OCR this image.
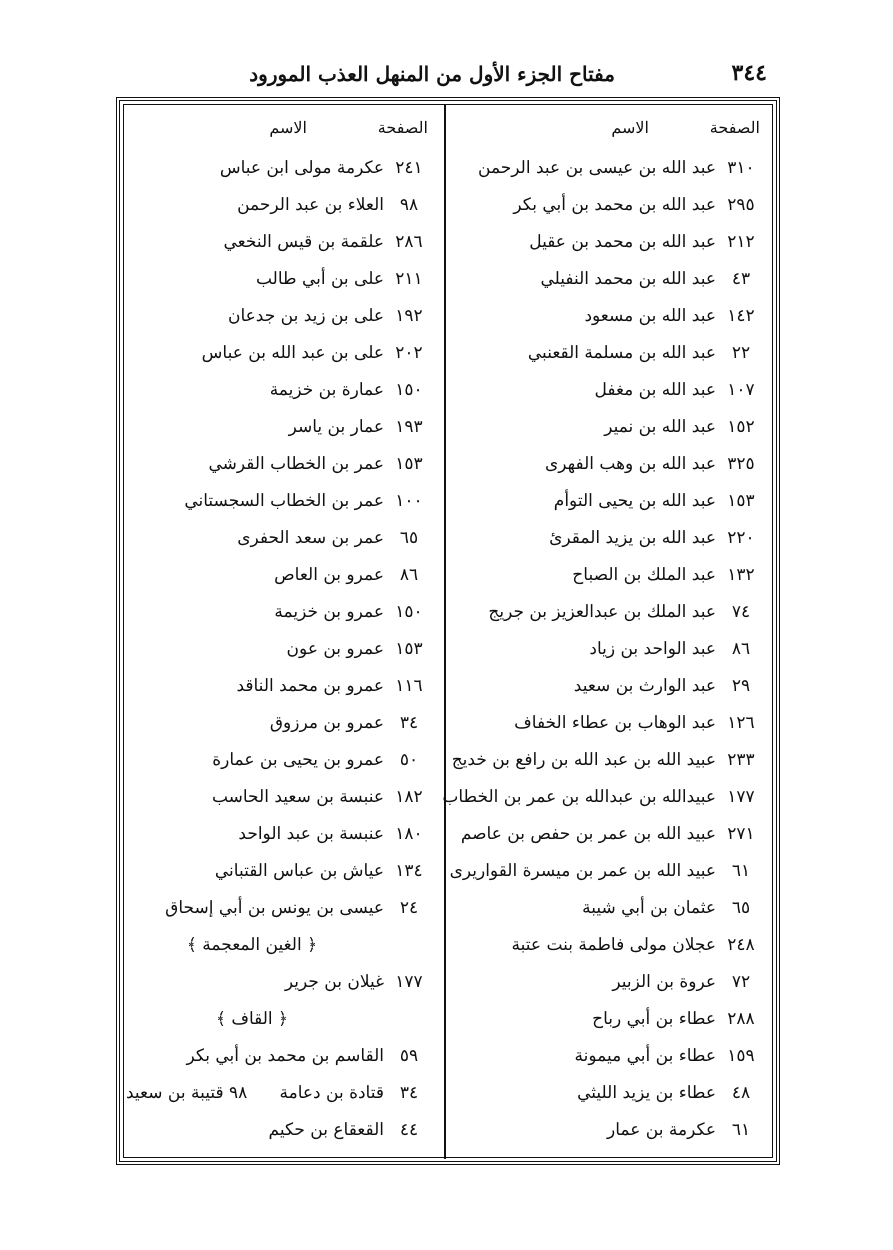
٣٤٤
مفتاح الجزء الأول من المنهل العذب المورود
الصفحة
الاسم
٣١٠
عبد الله بن عيسى بن عبد الرحمن
٢٩٥
عبد الله بن محمد بن أبي بكر
٢١٢
عبد الله بن محمد بن عقيل
٤٣
عبد الله بن محمد النفيلي
١٤٢
عبد الله بن مسعود
٢٢
عبد الله بن مسلمة القعنبي
١٠٧
عبد الله بن مغفل
١٥٢
عبد الله بن نمير
٣٢٥
عبد الله بن وهب الفهرى
١٥٣
عبد الله بن يحيى التوأم
٢٢٠
عبد الله بن يزيد المقرئ
١٣٢
عبد الملك بن الصباح
٧٤
عبد الملك بن عبدالعزيز بن جريج
٨٦
عبد الواحد بن زياد
٢٩
عبد الوارث بن سعيد
١٢٦
عبد الوهاب بن عطاء الخفاف
٢٣٣
عبيد الله بن عبد الله بن رافع بن خديج
١٧٧
عبيدالله بن عبدالله بن عمر بن الخطاب
٢٧١
عبيد الله بن عمر بن حفص بن عاصم
٦١
عبيد الله بن عمر بن ميسرة القواريرى
٦٥
عثمان بن أبي شيبة
٢٤٨
عجلان مولى فاطمة بنت عتبة
٧٢
عروة بن الزبير
٢٨٨
عطاء بن أبي رباح
١٥٩
عطاء بن أبي ميمونة
٤٨
عطاء بن يزيد الليثي
٦١
عكرمة بن عمار
الصفحة
الاسم
٢٤١
عكرمة مولى ابن عباس
٩٨
العلاء بن عبد الرحمن
٢٨٦
علقمة بن قيس النخعي
٢١١
على بن أبي طالب
١٩٢
على بن زيد بن جدعان
٢٠٢
على بن عبد الله بن عباس
١٥٠
عمارة بن خزيمة
١٩٣
عمار بن ياسر
١٥٣
عمر بن الخطاب القرشي
١٠٠
عمر بن الخطاب السجستاني
٦٥
عمر بن سعد الحفرى
٨٦
عمرو بن العاص
١٥٠
عمرو بن خزيمة
١٥٣
عمرو بن عون
١١٦
عمرو بن محمد الناقد
٣٤
عمرو بن مرزوق
٥٠
عمرو بن يحيى بن عمارة
١٨٢
عنبسة بن سعيد الحاسب
١٨٠
عنبسة بن عبد الواحد
١٣٤
عياش بن عباس القتباني
٢٤
عيسى بن يونس بن أبي إسحاق
﴿ الغين المعجمة ﴾
١٧٧
غيلان بن جرير
﴿ القاف ﴾
٥٩
القاسم بن محمد بن أبي بكر
٣٤
قتادة بن دعامة
٩٨ قتيبة بن سعيد
٤٤
القعقاع بن حكيم
